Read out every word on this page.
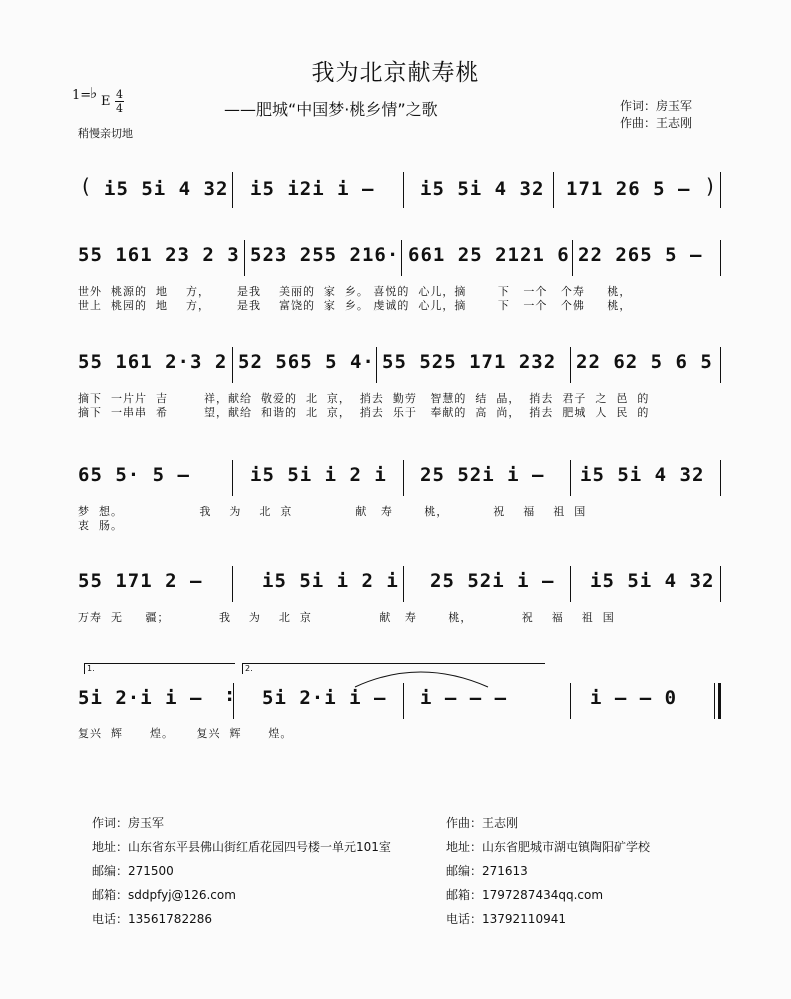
我为北京献寿桃
——肥城“中国梦·桃乡情”之歌	作词：房玉军
作曲：王志刚
1=
♭ E 4
4
稍慢亲切地
( i5 5i 4 32 i5 i2i i – i5 5i 4 32 171 26 5 – )
55 161 23 2 3 523 255 216· 661 25 2121 6 22 265 5 –
世外  桃源的  地    方，      是我    美丽的  家  乡。 喜悦的  心儿，摘       下   一个   个寿     桃，
世上  桃园的  地    方，      是我    富饶的  家  乡。 虔诚的  心儿，摘       下   一个   个佛     桃，
55 161 2·3 2 52 565 5 4· 55 525 171 232 22 62 5 6 5
摘下  一片片  吉        祥，献给  敬爱的  北  京，  捎去  勤劳   智慧的  结  晶，  捎去  君子  之  邑  的
摘下  一串串  希        望，献给  和谐的  北  京，  捎去  乐于   奉献的  高  尚，  捎去  肥城  人  民  的
65 5· 5 –	i5 5i i 2 i 25 52i i – i5 5i 4 32
梦  想。                 我    为    北  京              献   寿       桃，          祝    福    祖  国
衷  肠。
55 171 2 –	i5 5i i 2 i 25 52i i – i5 5i 4 32
万寿  无     疆；           我    为    北  京               献   寿       桃，           祝    福    祖  国
1.	2.
5i 2·i i – : 5i 2·i i – i – – –	i – – 0
复兴  辉      煌。     复兴  辉      煌。
作词：房玉军
地址：山东省东平县佛山街红盾花园四号楼一单元101室
邮编：271500
邮箱：sddpfyj@126.com
电话：13561782286
作曲：王志刚
地址：山东省肥城市湖屯镇陶阳矿学校
邮编：271613
邮箱：1797287434qq.com
电话：13792110941
